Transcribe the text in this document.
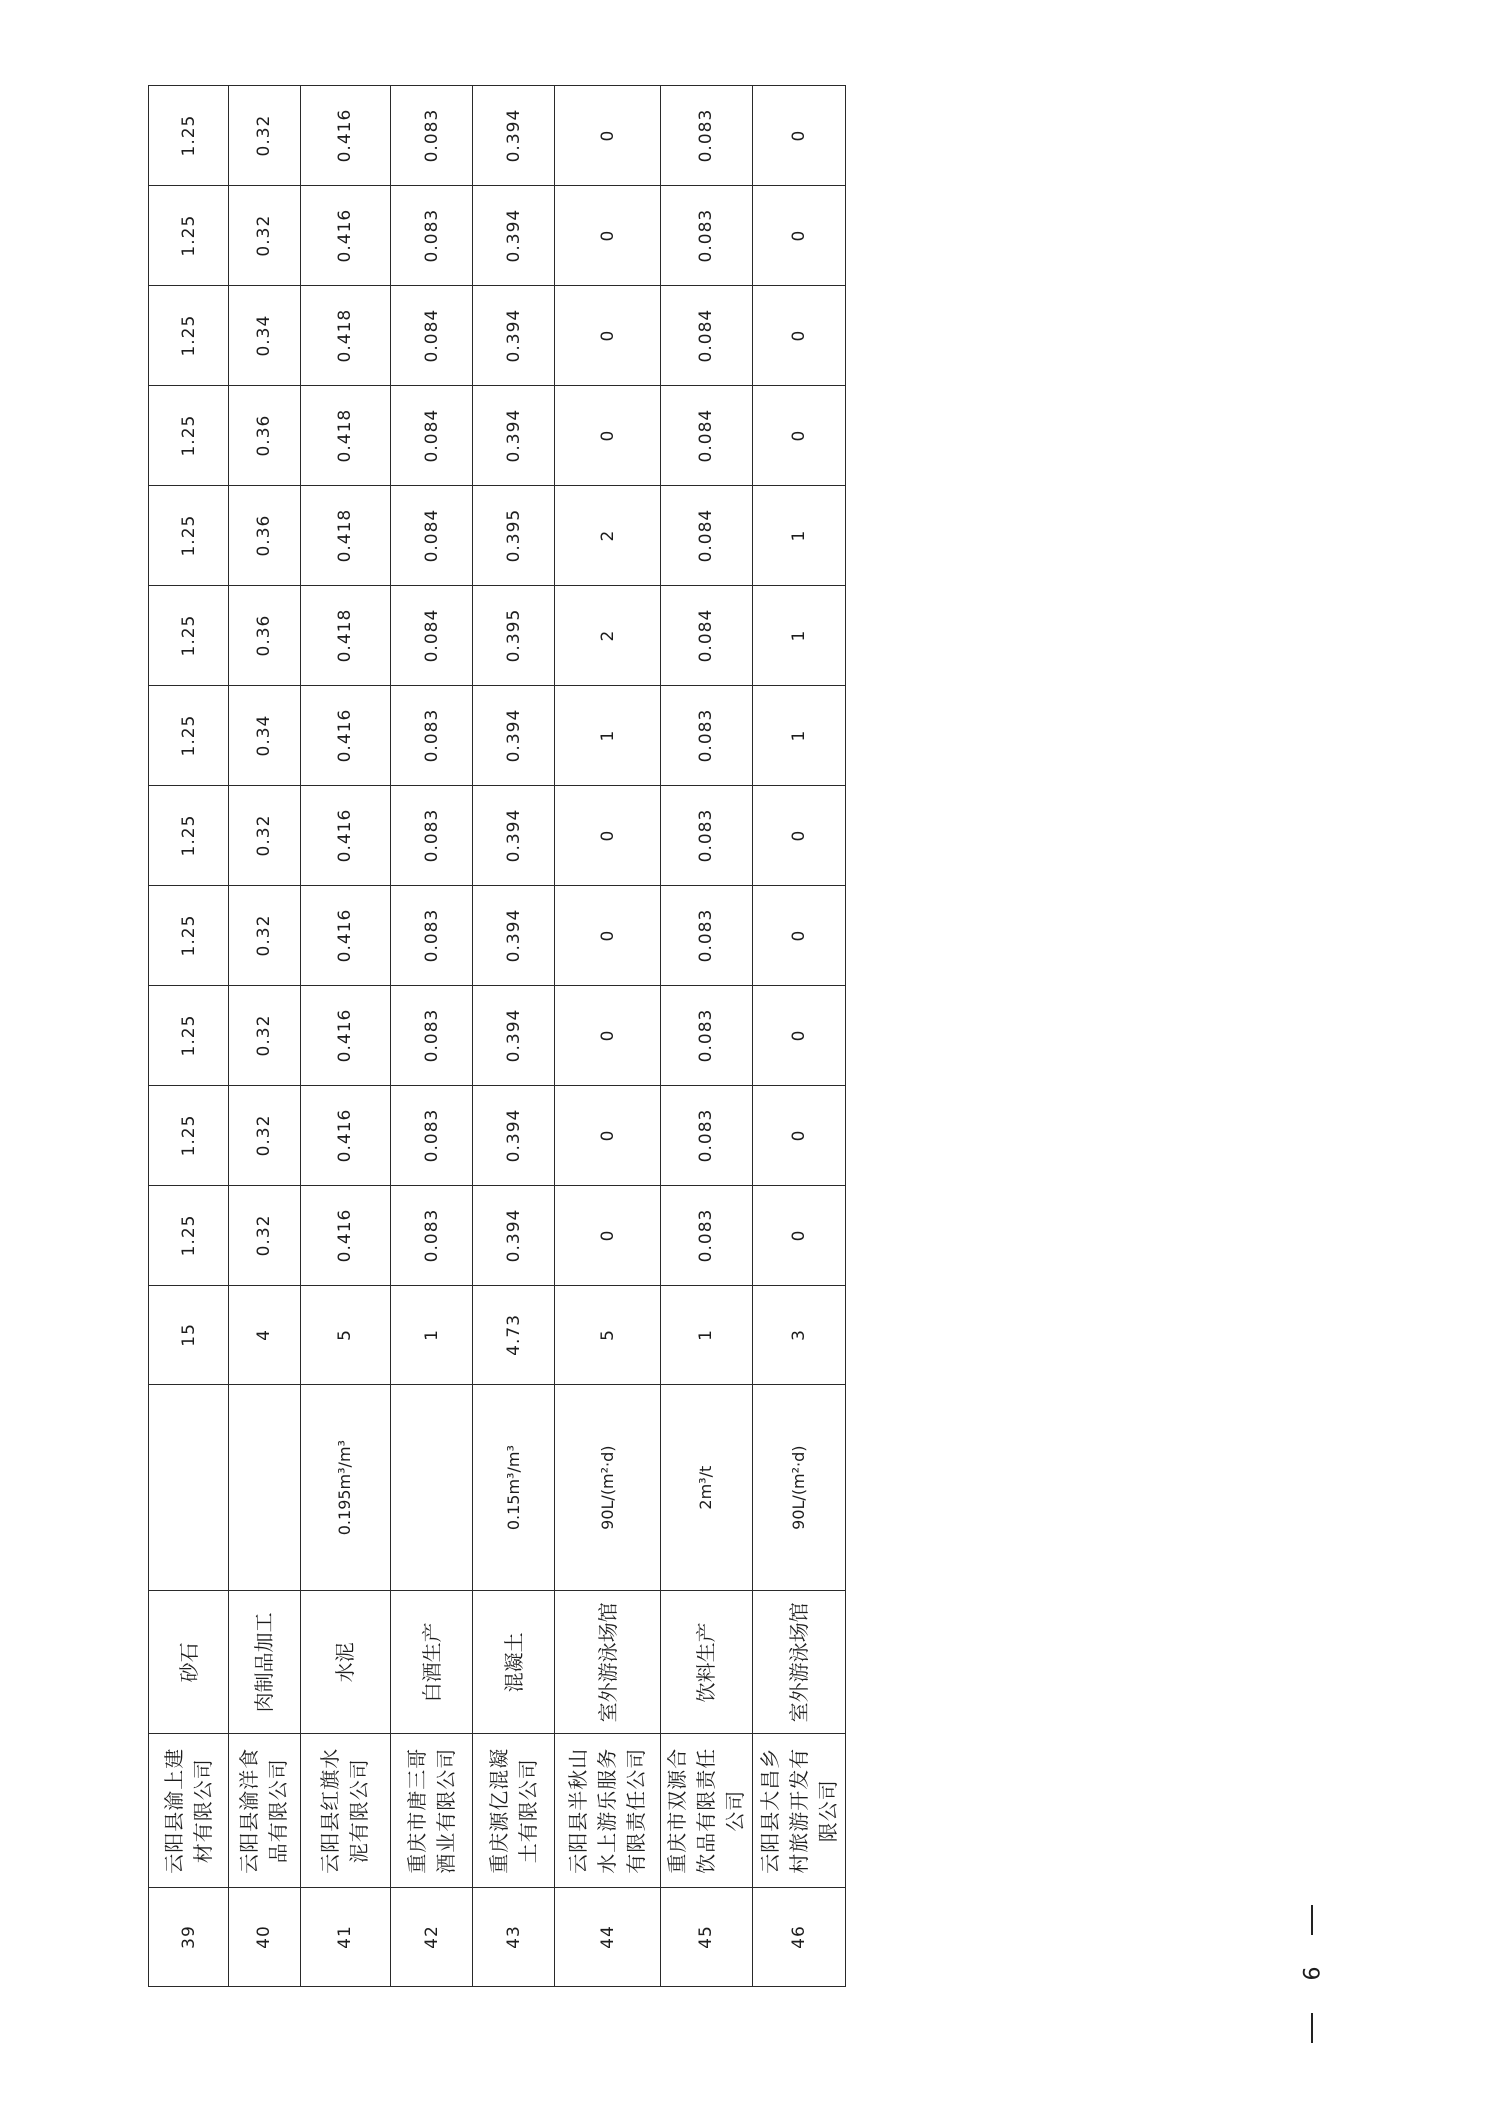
39	云阳县渝上建材有限公司	砂石		15	1.25	1.25	1.25	1.25	1.25	1.25	1.25	1.25	1.25	1.25	1.25	1.25
40	云阳县渝洋食品有限公司	肉制品加工		4	0.32	0.32	0.32	0.32	0.32	0.34	0.36	0.36	0.36	0.34	0.32	0.32
41	云阳县红旗水泥有限公司	水泥	0.195m³/m³	5	0.416	0.416	0.416	0.416	0.416	0.416	0.418	0.418	0.418	0.418	0.416	0.416
42	重庆市唐三哥酒业有限公司	白酒生产		1	0.083	0.083	0.083	0.083	0.083	0.083	0.084	0.084	0.084	0.084	0.083	0.083
43	重庆源亿混凝土有限公司	混凝土	0.15m³/m³	4.73	0.394	0.394	0.394	0.394	0.394	0.394	0.395	0.395	0.394	0.394	0.394	0.394
44	云阳县半秋山水上游乐服务有限责任公司	室外游泳场馆	90L/(m²·d)	5	0	0	0	0	0	1	2	2	0	0	0	0
45	重庆市双源合饮品有限责任公司	饮料生产	2m³/t	1	0.083	0.083	0.083	0.083	0.083	0.083	0.084	0.084	0.084	0.084	0.083	0.083
46	云阳县大昌乡村旅游开发有限公司	室外游泳场馆	90L/(m²·d)	3	0	0	0	0	0	1	1	1	0	0	0	0
6
